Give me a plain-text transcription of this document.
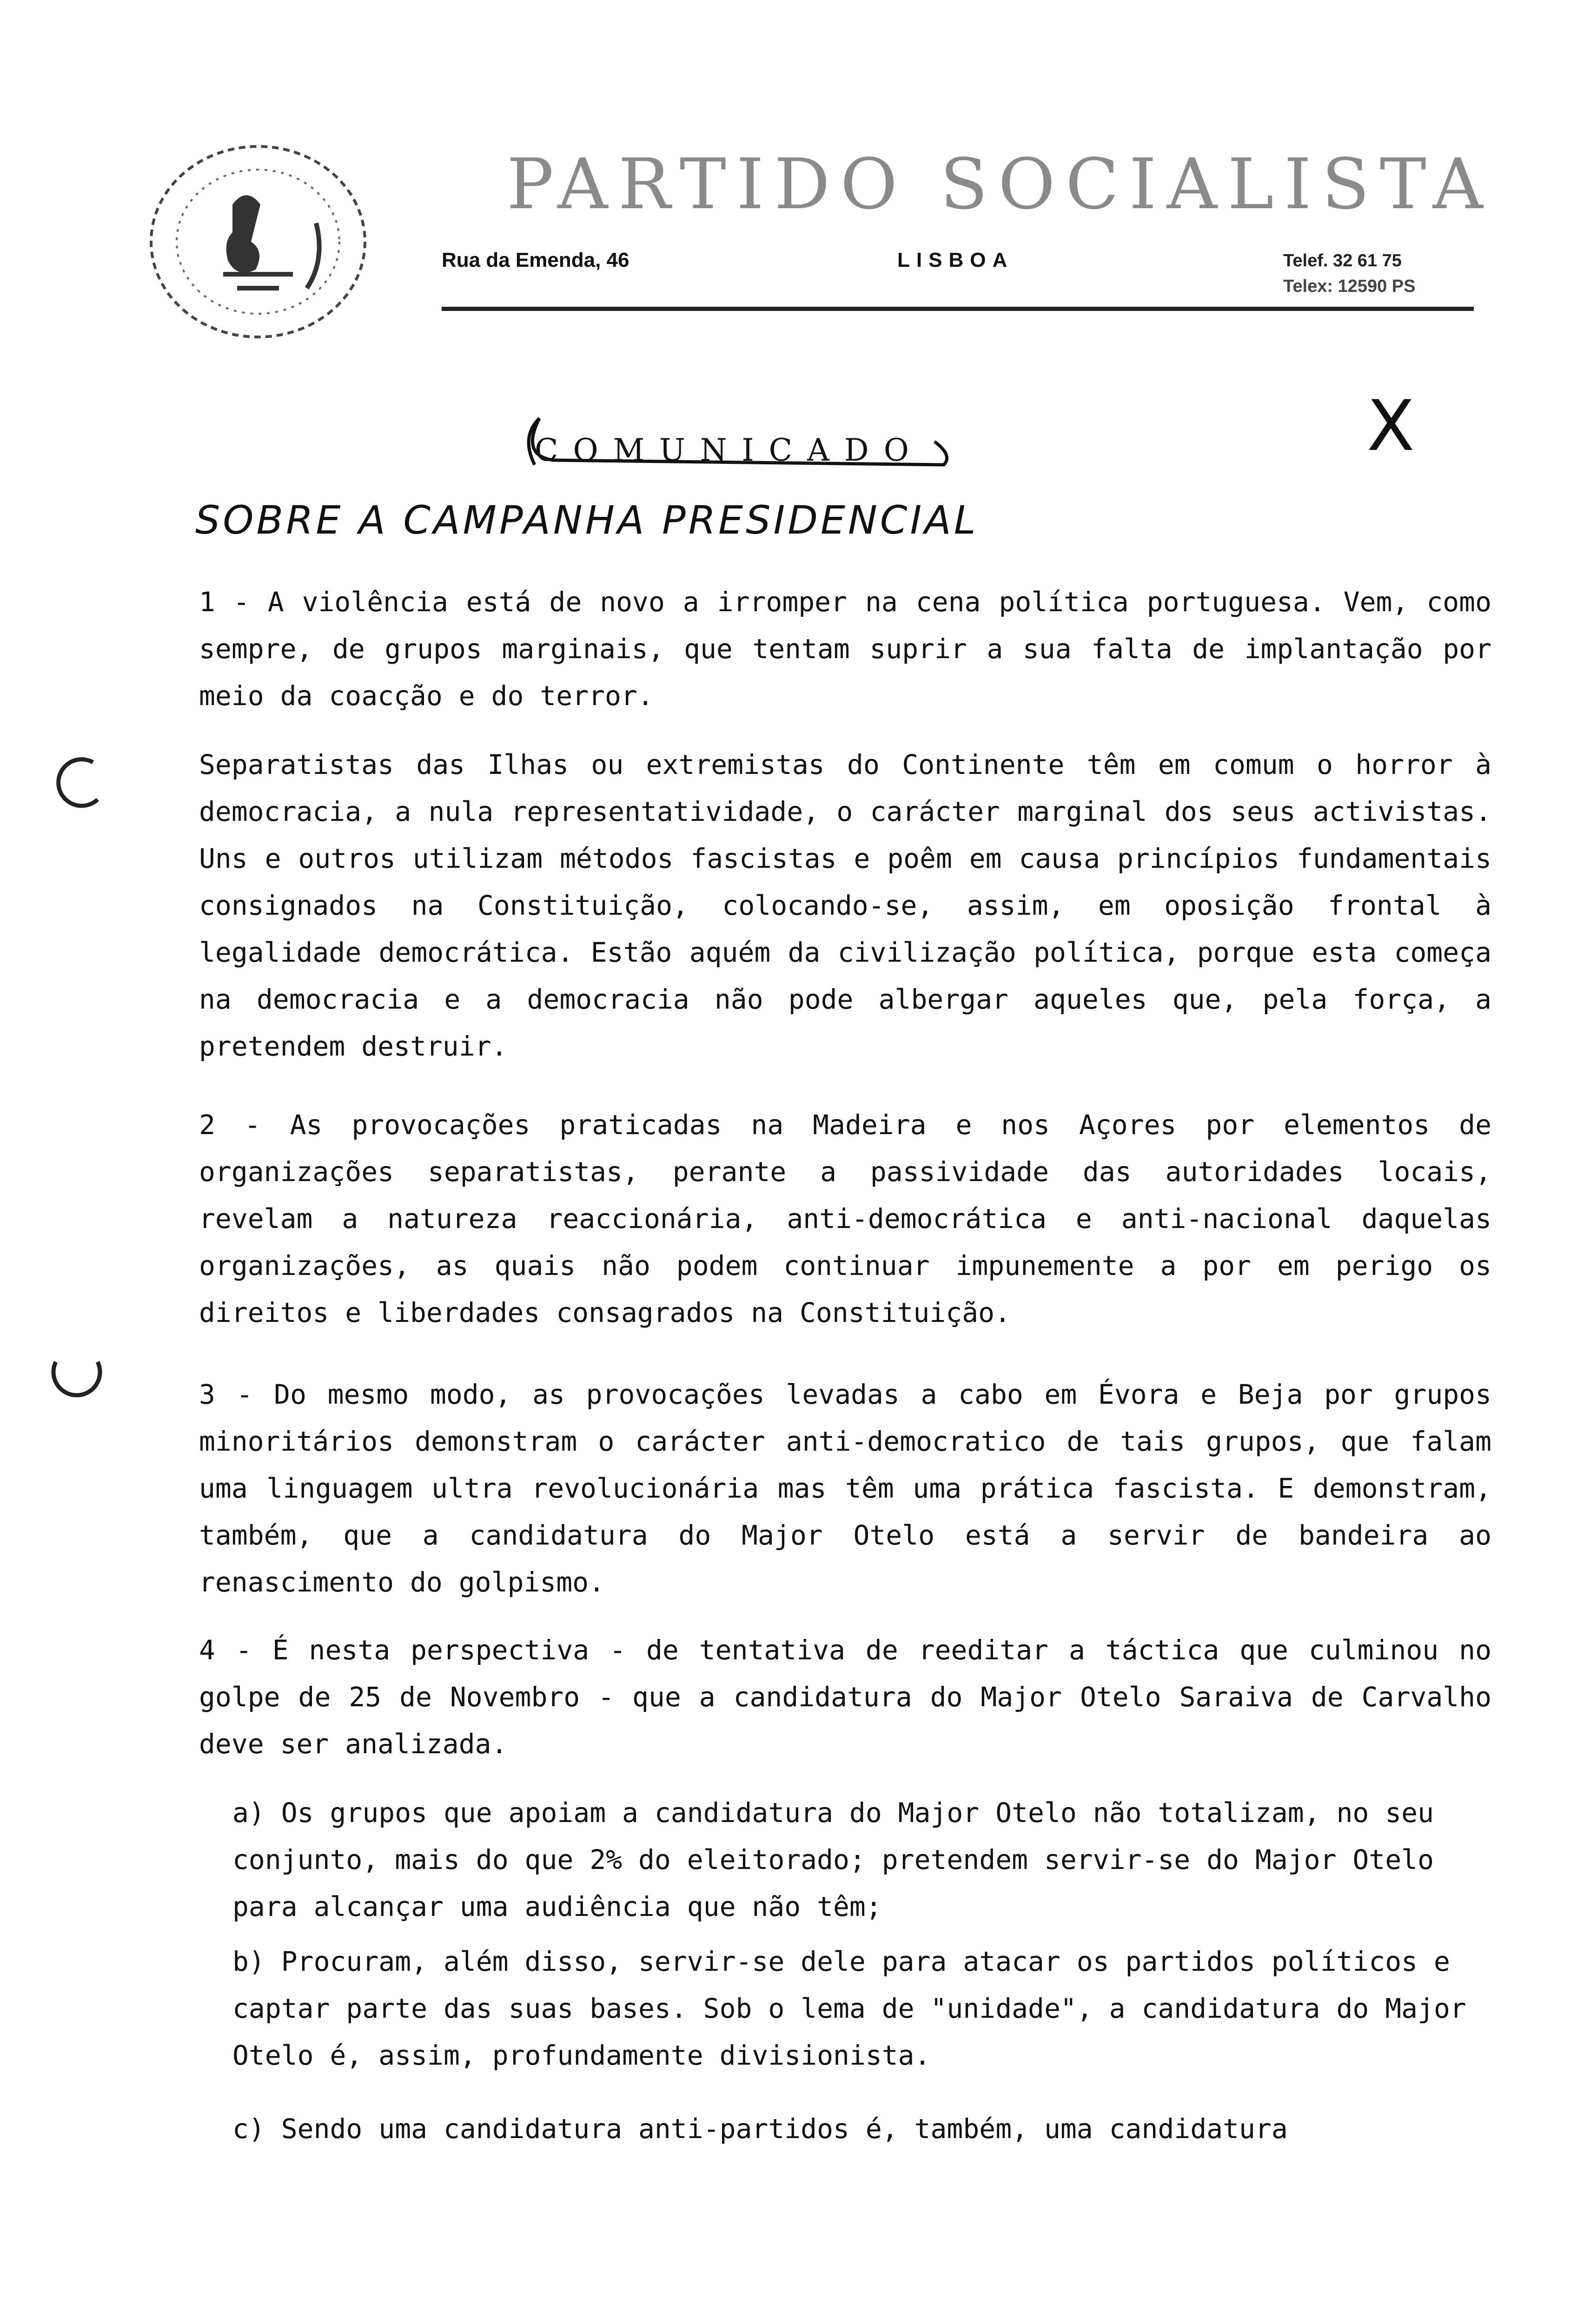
PARTIDO SOCIALISTA
Rua da Emenda, 46	LISBOA	Telef. 32 61 75
Telex: 12590 PS
X
COMUNICADO
SOBRE A CAMPANHA PRESIDENCIAL
1 - A violência está de novo a irromper na cena política portuguesa. Vem, como sempre, de grupos marginais, que tentam suprir a sua falta de implantação por meio da coacção e do terror.
Separatistas das Ilhas ou extremistas do Continente têm em comum o horror à democracia, a nula representatividade, o carácter marginal dos seus activistas. Uns e outros utilizam métodos fascistas e poêm em causa princípios fundamentais consignados na Constituição, colocando-se, assim, em oposição frontal à legalidade democrática. Estão aquém da civilização política, porque esta começa na democracia e a democracia não pode albergar aqueles que, pela força, a pretendem destruir.
2 - As provocações praticadas na Madeira e nos Açores por elementos de organizações separatistas, perante a passividade das autoridades locais, revelam a natureza reaccionária, anti-democrática e anti-nacional daquelas organizações, as quais não podem continuar impunemente a por em perigo os direitos e liberdades consagrados na Constituição.
3 - Do mesmo modo, as provocações levadas a cabo em Évora e Beja por grupos minoritários demonstram o carácter anti-democratico de tais grupos, que falam uma linguagem ultra revolucionária mas têm uma prática fascista. E demonstram, também, que a candidatura do Major Otelo está a servir de bandeira ao renascimento do golpismo.
4 - É nesta perspectiva - de tentativa de reeditar a táctica que culminou no golpe de 25 de Novembro - que a candidatura do Major Otelo Saraiva de Carvalho deve ser analizada.
a) Os grupos que apoiam a candidatura do Major Otelo não totalizam, no seu conjunto, mais do que 2% do eleitorado; pretendem servir-se do Major Otelo para alcançar uma audiência que não têm;
b) Procuram, além disso, servir-se dele para atacar os partidos políticos e captar parte das suas bases. Sob o lema de "unidade", a candidatura do Major Otelo é, assim, profundamente divisionista.
c) Sendo uma candidatura anti-partidos é, também, uma candidatura
